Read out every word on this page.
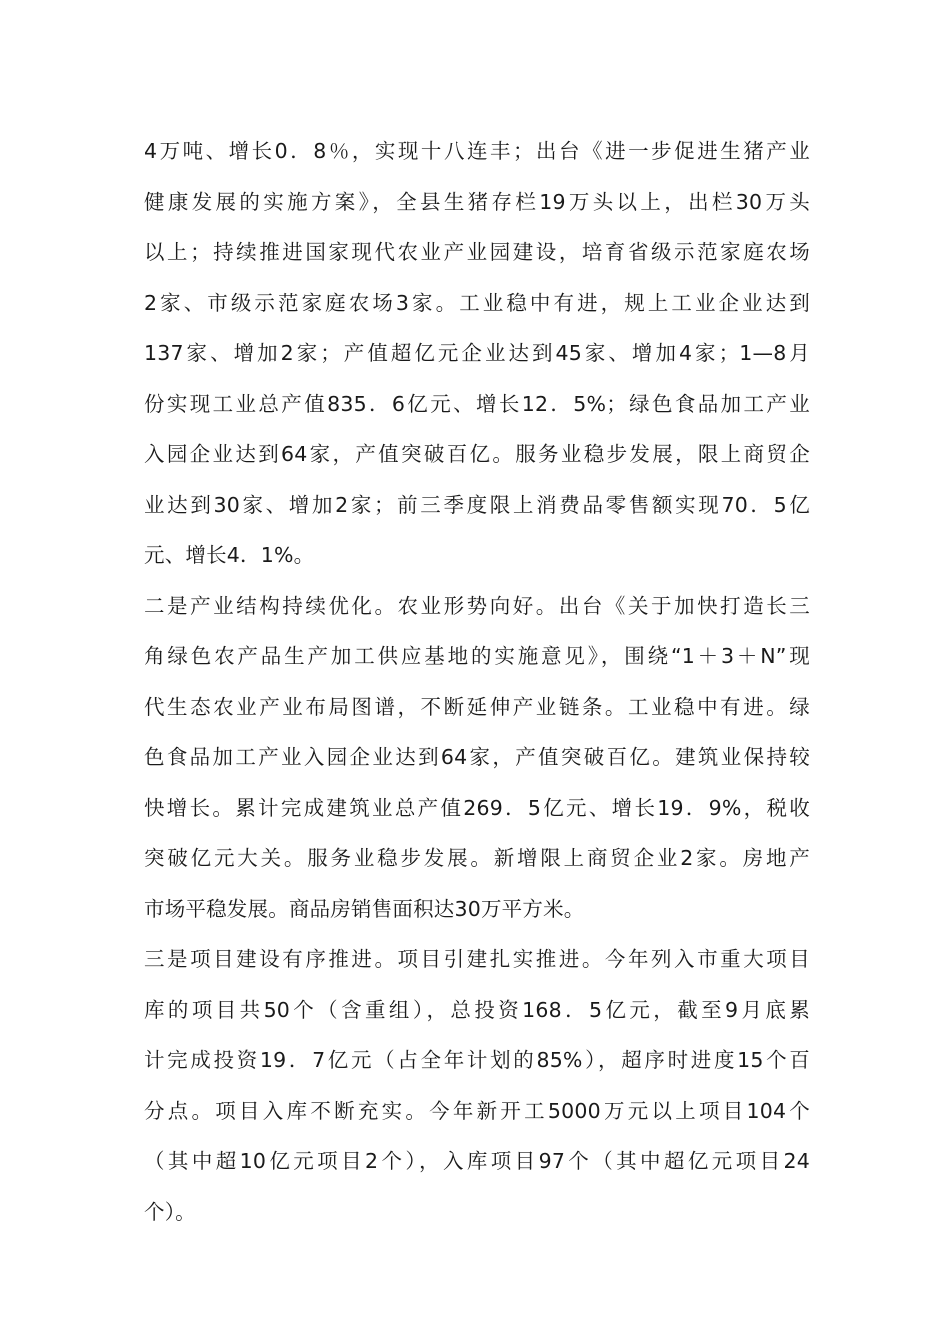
4万吨、增长0．8％，实现十八连丰；出台《进一步促进生猪产业
健康发展的实施方案》，全县生猪存栏19万头以上，出栏30万头
以上；持续推进国家现代农业产业园建设，培育省级示范家庭农场
2家、市级示范家庭农场3家。工业稳中有进，规上工业企业达到
137家、增加2家；产值超亿元企业达到45家、增加4家；1—8月
份实现工业总产值835．6亿元、增长12．5%；绿色食品加工产业
入园企业达到64家，产值突破百亿。服务业稳步发展，限上商贸企
业达到30家、增加2家；前三季度限上消费品零售额实现70．5亿
元、增长4．1%。
二是产业结构持续优化。农业形势向好。出台《关于加快打造长三
角绿色农产品生产加工供应基地的实施意见》，围绕“1＋3＋N”现
代生态农业产业布局图谱，不断延伸产业链条。工业稳中有进。绿
色食品加工产业入园企业达到64家，产值突破百亿。建筑业保持较
快增长。累计完成建筑业总产值269．5亿元、增长19．9%，税收
突破亿元大关。服务业稳步发展。新增限上商贸企业2家。房地产
市场平稳发展。商品房销售面积达30万平方米。
三是项目建设有序推进。项目引建扎实推进。今年列入市重大项目
库的项目共50个（含重组），总投资168．5亿元，截至9月底累
计完成投资19．7亿元（占全年计划的85%），超序时进度15个百
分点。项目入库不断充实。今年新开工5000万元以上项目104个
（其中超10亿元项目2个），入库项目97个（其中超亿元项目24
个）。
